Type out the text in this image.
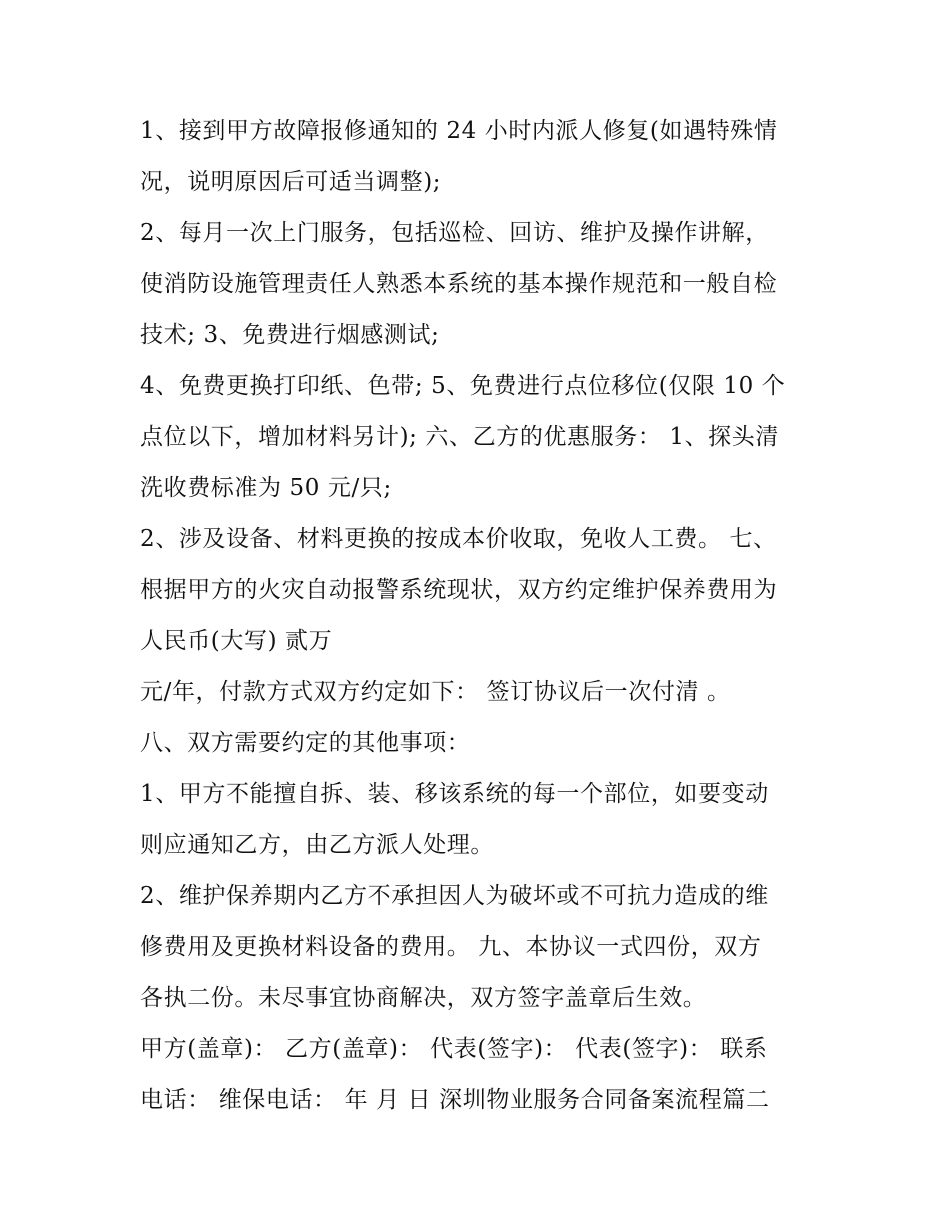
1、接到甲方故障报修通知的 24 小时内派人修复(如遇特殊情
况，说明原因后可适当调整);
2、每月一次上门服务，包括巡检、回访、维护及操作讲解，
使消防设施管理责任人熟悉本系统的基本操作规范和一般自检
技术; 3、免费进行烟感测试;
4、免费更换打印纸、色带; 5、免费进行点位移位(仅限 10 个
点位以下，增加材料另计); 六、乙方的优惠服务： 1、探头清
洗收费标准为 50 元/只;
2、涉及设备、材料更换的按成本价收取，免收人工费。 七、
根据甲方的火灾自动报警系统现状，双方约定维护保养费用为
人民币(大写) 贰万
元/年，付款方式双方约定如下： 签订协议后一次付清 。
八、双方需要约定的其他事项：
1、甲方不能擅自拆、装、移该系统的每一个部位，如要变动
则应通知乙方，由乙方派人处理。
2、维护保养期内乙方不承担因人为破坏或不可抗力造成的维
修费用及更换材料设备的费用。 九、本协议一式四份，双方
各执二份。未尽事宜协商解决，双方签字盖章后生效。
甲方(盖章)： 乙方(盖章)： 代表(签字)： 代表(签字)： 联系
电话： 维保电话： 年 月 日 深圳物业服务合同备案流程篇二
